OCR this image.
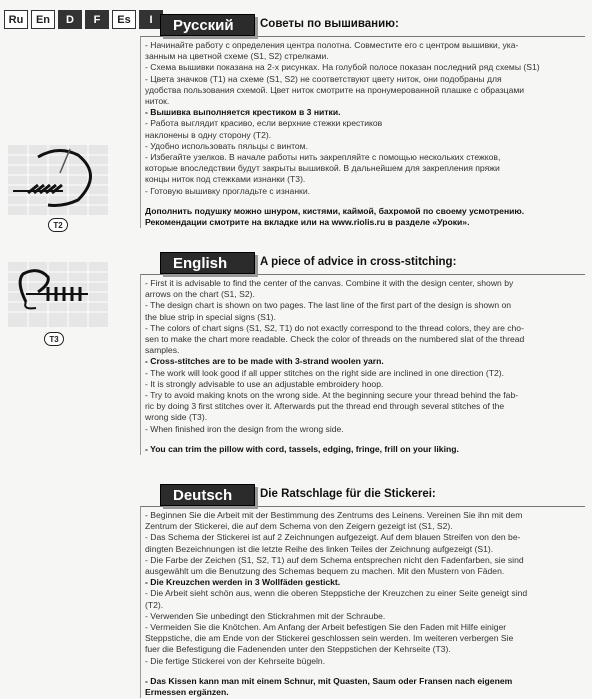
Ru	En	D	F	Es	I
T2
T3
Русский	Советы по вышиванию:

- Начинайте работу с определения центра полотна. Совместите его с центром вышивки, ука-

занным на цветной схеме (S1, S2) стрелками.

- Схема вышивки показана на 2-х рисунках. На голубой полосе показан последний ряд схемы (S1)

- Цвета значков (T1) на схеме (S1, S2) не соответствуют цвету ниток, они подобраны для

удобства пользования схемой. Цвет ниток смотрите на пронумерованной плашке с образцами

ниток.

- Вышивка выполняется крестиком в 3 нитки.

- Работа выглядит красиво, если верхние стежки крестиков

наклонены в одну сторону (T2).

- Удобно использовать пяльцы с винтом.

- Избегайте узелков. В начале работы нить закрепляйте с помощью нескольких стежков,

которые впоследствии будут закрыты вышивкой. В дальнейшем для закрепления пряжи

концы ниток под стежками изнанки (T3).

- Готовую вышивку прогладьте с изнанки.

Дополнить подушку можно шнуром, кистями, каймой, бахромой по своему усмотрению.

Рекомендации смотрите на вкладке или на www.riolis.ru в разделе «Уроки».

English	A piece of advice in cross-stitching:

- First it is advisable to find the center of the canvas. Combine it with the design center, shown by

arrows on the chart (S1, S2).

- The design chart is shown on two pages. The last line of the first part of the design is shown on

the blue strip in special signs (S1).

- The colors of chart signs (S1, S2, T1) do not exactly correspond to the thread colors, they are cho-

sen to make the chart more readable. Check the color of threads on the numbered slat of the thread

samples.

- Cross-stitches are to be made with 3-strand woolen yarn.

- The work will look good if all upper stitches on the right side are inclined in one direction (T2).

- It is strongly advisable to use an adjustable embroidery hoop.

- Try to avoid making knots on the wrong side. At the beginning secure your thread behind the fab-

ric by doing 3 first stitches over it. Afterwards put the thread end through several stitches of the

wrong side (T3).

- When finished iron the design from the wrong side.

- You can trim the pillow with cord, tassels, edging, fringe, frill on your liking.

Deutsch	Die Ratschlage für die Stickerei:

- Beginnen Sie die Arbeit mit der Bestimmung des Zentrums des Leinens. Vereinen Sie ihn mit dem

Zentrum der Stickerei, die auf dem Schema von den Zeigern gezeigt ist (S1, S2).

- Das Schema der Stickerei ist auf 2 Zeichnungen aufgezeigt. Auf dem blauen Streifen von den be-

dingten Bezeichnungen ist die letzte Reihe des linken Teiles der Zeichnung aufgezeigt (S1).

- Die Farbe der Zeichen (S1, S2, T1) auf dem Schema entsprechen nicht den Fadenfarben, sie sind

ausgewählt um die Benutzung des Schemas bequem zu machen. Mit den Mustern von Fäden.

- Die Kreuzchen werden in 3 Wollfäden gestickt.

- Die Arbeit sieht schön aus, wenn die oberen Steppstiche der Kreuzchen zu einer Seite geneigt sind

(T2).

- Verwenden Sie unbedingt den Stickrahmen mit der Schraube.

- Vermeiden Sie die Knötchen. Am Anfang der Arbeit befestigen Sie den Faden mit Hilfe einiger

Steppstiche, die am Ende von der Stickerei geschlossen sein werden. Im weiteren verbergen Sie

fuer die Befestigung die Fadenenden unter den Steppstichen der Kehrseite (T3).

- Die fertige Stickerei von der Kehrseite bügeln.

- Das Kissen kann man mit einem Schnur, mit Quasten, Saum oder Fransen nach eigenem

Ermessen ergänzen.
